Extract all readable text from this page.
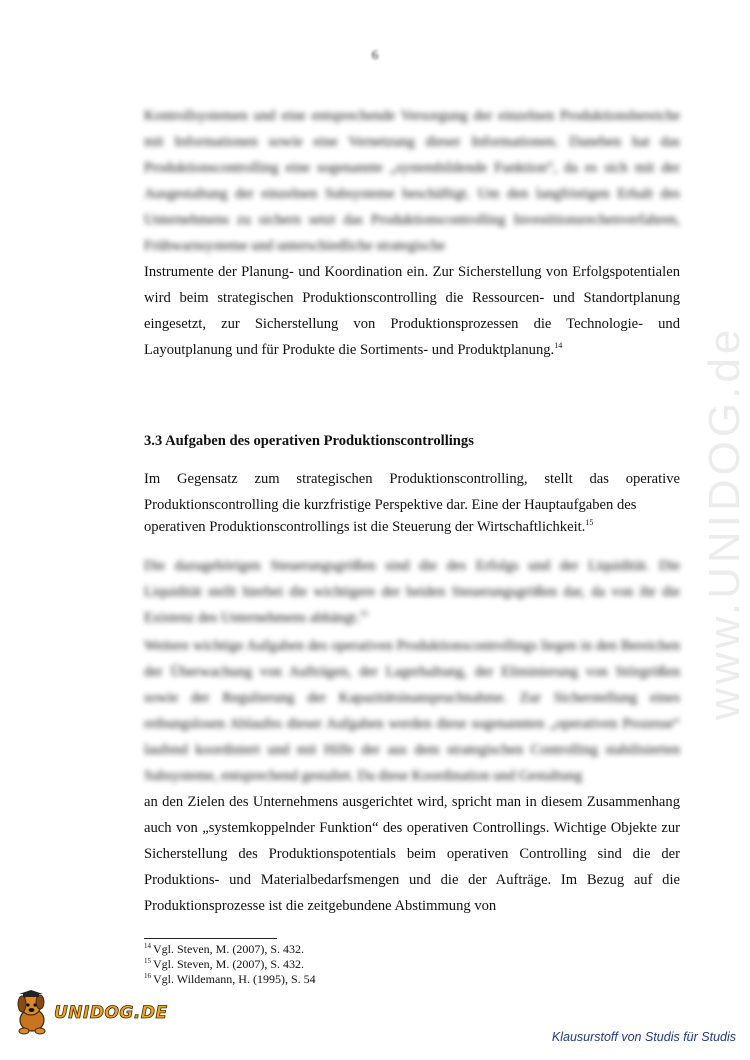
6

Kontrollsystemen und eine entsprechende Versorgung der einzelnen Produktionsbereiche mit Informationen sowie eine Vernetzung dieser Informationen. Daneben hat das Produktionscontrolling eine sogenannte „systembildende Funktion“, da es sich mit der Ausgestaltung der einzelnen Subsysteme beschäftigt. Um den langfristigen Erhalt des Unternehmens zu sichern setzt das Produktionscontrolling Investitionsrechenverfahren, Frühwarnsysteme und unterschiedliche strategische

Instrumente der Planung- und Koordination ein. Zur Sicherstellung von Erfolgspotentialen wird beim strategischen Produktionscontrolling die Ressourcen- und Standortplanung eingesetzt, zur Sicherstellung von Produktionsprozessen die Technologie- und Layoutplanung und für Produkte die Sortiments- und Produktplanung.$^{14}$

3.3 Aufgaben des operativen Produktionscontrollings

Im Gegensatz zum strategischen Produktionscontrolling, stellt das operative Produktionscontrolling die kurzfristige Perspektive dar. Eine der Hauptaufgaben des

operativen Produktionscontrollings ist die Steuerung der Wirtschaftlichkeit.$^{15}$

Die dazugehörigen Steuerungsgrößen sind die des Erfolgs und der Liquidität. Die Liquidität stellt hierbei die wichtigere der beiden Steuerungsgrößen dar, da von ihr die Existenz des Unternehmens abhängt.$^{16}$

Weitere wichtige Aufgaben des operativen Produktionscontrollings liegen in den Bereichen der Überwachung von Aufträgen, der Lagerhaltung, der Eliminierung von Störgrößen sowie der Regulierung der Kapazitätsinanspruchnahme. Zur Sicherstellung eines reibungslosen Ablaufes dieser Aufgaben werden diese sogenannten „operativen Prozesse“ laufend koordiniert und mit Hilfe der aus dem strategischen Controlling stabilisierten Subsysteme, entsprechend gestaltet. Da diese Koordination und Gestaltung

an den Zielen des Unternehmens ausgerichtet wird, spricht man in diesem Zusammenhang auch von „systemkoppelnder Funktion“ des operativen Controllings. Wichtige Objekte zur Sicherstellung des Produktionspotentials beim operativen Controlling sind die der Produktions- und Materialbedarfsmengen und die der Aufträge. Im Bezug auf die Produktionsprozesse ist die zeitgebundene Abstimmung von

$^{14}$ Vgl. Steven, M. (2007), S. 432.
$^{15}$ Vgl. Steven, M. (2007), S. 432.
$^{16}$ Vgl. Wildemann, H. (1995), S. 54
www.UNIDOG.de
UNIDOG.DE
Klausurstoff von Studis für Studis
